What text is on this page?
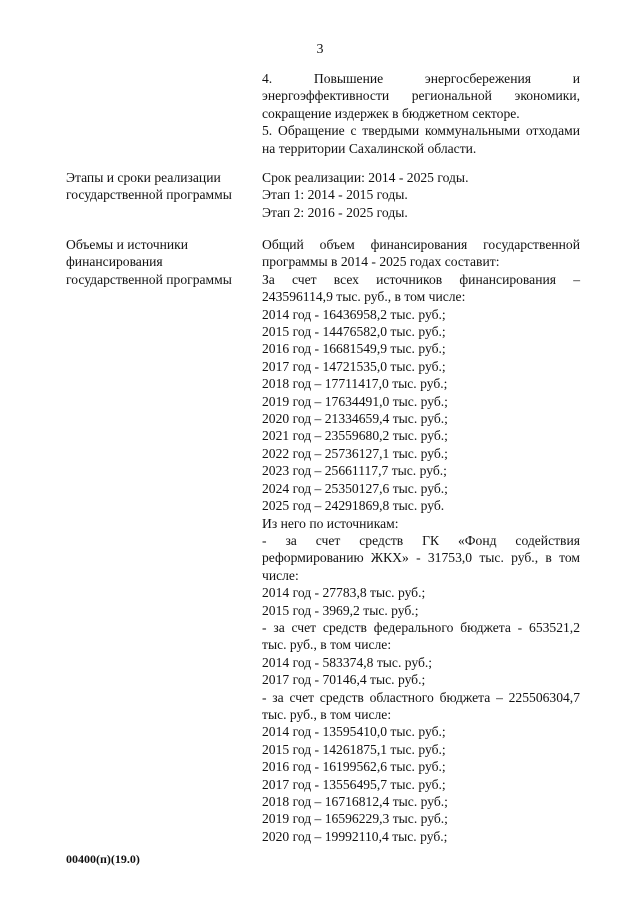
3

4. Повышение энергосбережения и энергоэффективности региональной экономики, сокращение издержек в бюджетном секторе.

5. Обращение с твердыми коммунальными отходами на территории Сахалинской области.

Этапы и сроки реализации государственной программы

Срок реализации: 2014 - 2025 годы.

Этап 1: 2014 - 2015 годы.

Этап 2: 2016 - 2025 годы.

Объемы и источники финансирования государственной программы

Общий объем финансирования государственной программы в 2014 - 2025 годах составит:

За счет всех источников финансирования – 243596114,9 тыс. руб., в том числе:

2014 год - 16436958,2 тыс. руб.;

2015 год - 14476582,0 тыс. руб.;

2016 год - 16681549,9 тыс. руб.;

2017 год - 14721535,0 тыс. руб.;

2018 год – 17711417,0 тыс. руб.;

2019 год – 17634491,0 тыс. руб.;

2020 год – 21334659,4 тыс. руб.;

2021 год – 23559680,2 тыс. руб.;

2022 год – 25736127,1 тыс. руб.;

2023 год – 25661117,7 тыс. руб.;

2024 год – 25350127,6 тыс. руб.;

2025 год – 24291869,8 тыс. руб.

Из него по источникам:

- за счет средств ГК «Фонд содействия реформированию ЖКХ» - 31753,0 тыс. руб., в том числе:

2014 год - 27783,8 тыс. руб.;

2015 год - 3969,2 тыс. руб.;

- за счет средств федерального бюджета - 653521,2 тыс. руб., в том числе:

2014 год - 583374,8 тыс. руб.;

2017 год - 70146,4 тыс. руб.;

- за счет средств областного бюджета – 225506304,7 тыс. руб., в том числе:

2014 год - 13595410,0 тыс. руб.;

2015 год - 14261875,1 тыс. руб.;

2016 год - 16199562,6 тыс. руб.;

2017 год - 13556495,7 тыс. руб.;

2018 год – 16716812,4 тыс. руб.;

2019 год – 16596229,3 тыс. руб.;

2020 год – 19992110,4 тыс. руб.;

00400(п)(19.0)
